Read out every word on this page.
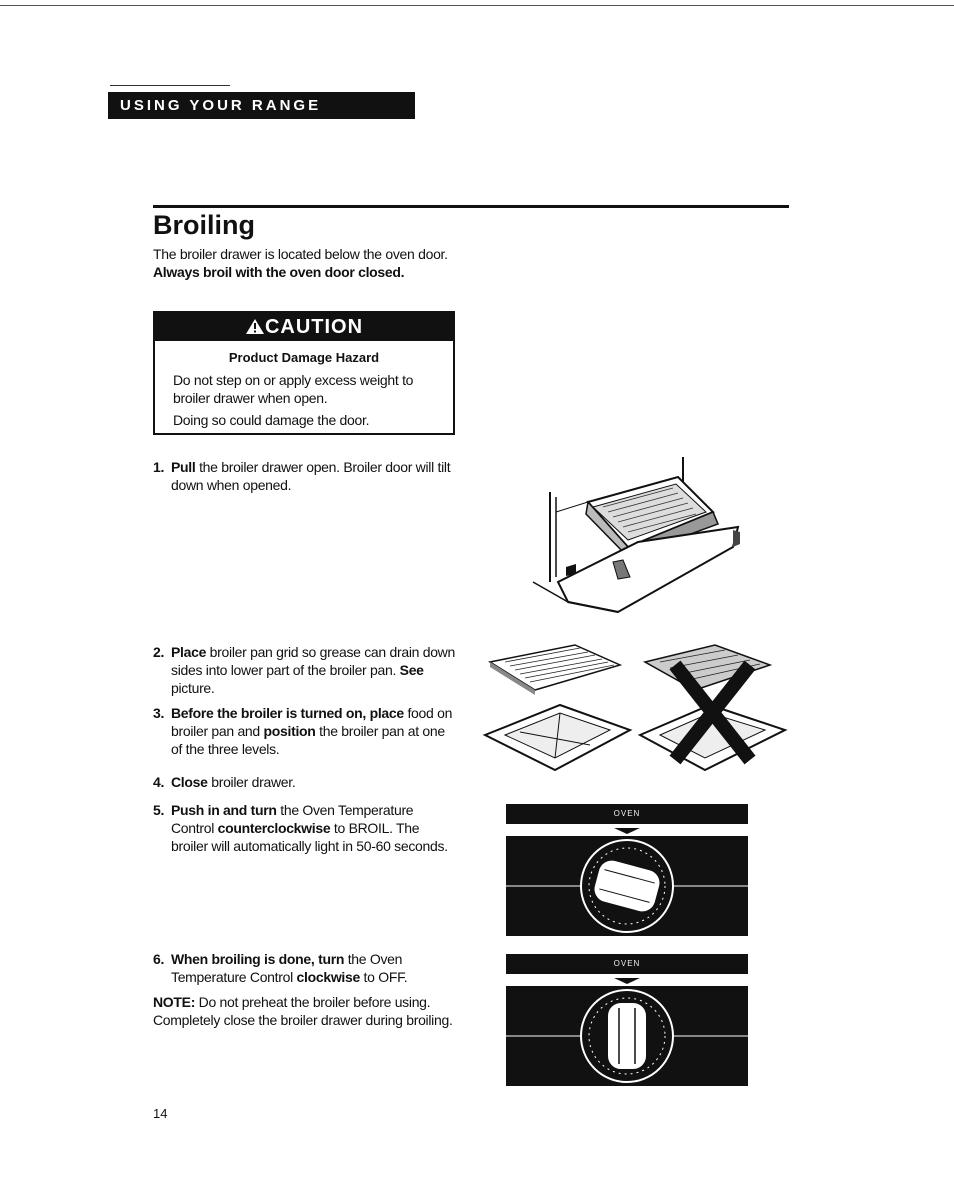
USING YOUR RANGE
Broiling
The broiler drawer is located below the oven door. Always broil with the oven door closed.
CAUTION
Product Damage Hazard
Do not step on or apply excess weight to broiler drawer when open.
Doing so could damage the door.
1. Pull the broiler drawer open. Broiler door will tilt down when opened.
2. Place broiler pan grid so grease can drain down sides into lower part of the broiler pan. See picture.
3. Before the broiler is turned on, place food on broiler pan and position the broiler pan at one of the three levels.
4. Close broiler drawer.
5. Push in and turn the Oven Temperature Control counterclockwise to BROIL. The broiler will automatically light in 50-60 seconds.
6. When broiling is done, turn the Oven Temperature Control clockwise to OFF.
NOTE: Do not preheat the broiler before using. Completely close the broiler drawer during broiling.
OVEN
OVEN
14
